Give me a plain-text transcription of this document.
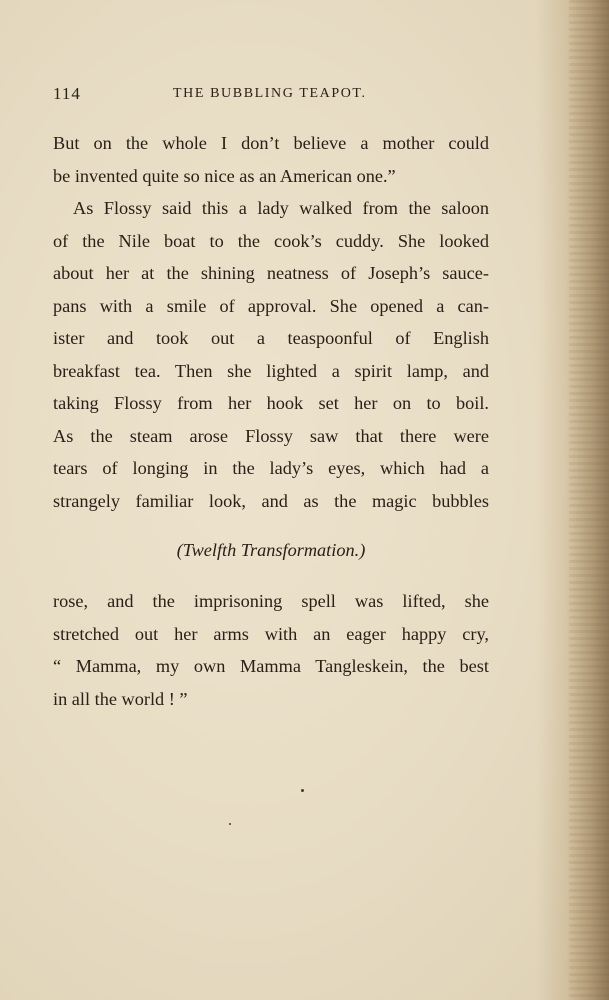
114	THE BUBBLING TEAPOT.
But on the whole I don’t believe a mother could
be invented quite so nice as an American one.”
As Flossy said this a lady walked from the saloon
of the Nile boat to the cook’s cuddy. She looked
about her at the shining neatness of Joseph’s sauce-
pans with a smile of approval. She opened a can-
ister and took out a teaspoonful of English
breakfast tea. Then she lighted a spirit lamp, and
taking Flossy from her hook set her on to boil.
As the steam arose Flossy saw that there were
tears of longing in the lady’s eyes, which had a
strangely familiar look, and as the magic bubbles
(Twelfth Transformation.)
rose, and the imprisoning spell was lifted, she
stretched out her arms with an eager happy cry,
“ Mamma, my own Mamma Tangleskein, the best
in all the world ! ”
